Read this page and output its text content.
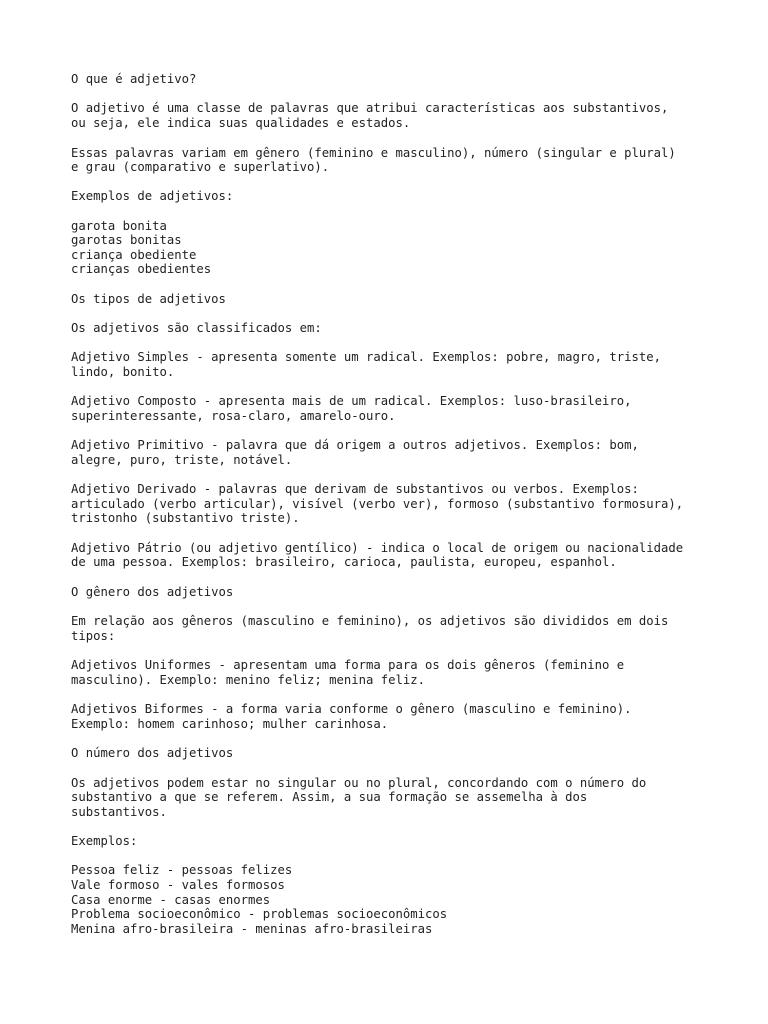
O que é adjetivo?

O adjetivo é uma classe de palavras que atribui características aos substantivos,

ou seja, ele indica suas qualidades e estados.

Essas palavras variam em gênero (feminino e masculino), número (singular e plural)

e grau (comparativo e superlativo).

Exemplos de adjetivos:

garota bonita

garotas bonitas

criança obediente

crianças obedientes

Os tipos de adjetivos

Os adjetivos são classificados em:

Adjetivo Simples - apresenta somente um radical. Exemplos: pobre, magro, triste,

lindo, bonito.

Adjetivo Composto - apresenta mais de um radical. Exemplos: luso-brasileiro,

superinteressante, rosa-claro, amarelo-ouro.

Adjetivo Primitivo - palavra que dá origem a outros adjetivos. Exemplos: bom,

alegre, puro, triste, notável.

Adjetivo Derivado - palavras que derivam de substantivos ou verbos. Exemplos:

articulado (verbo articular), visível (verbo ver), formoso (substantivo formosura),

tristonho (substantivo triste).

Adjetivo Pátrio (ou adjetivo gentílico) - indica o local de origem ou nacionalidade

de uma pessoa. Exemplos: brasileiro, carioca, paulista, europeu, espanhol.

O gênero dos adjetivos

Em relação aos gêneros (masculino e feminino), os adjetivos são divididos em dois

tipos:

Adjetivos Uniformes - apresentam uma forma para os dois gêneros (feminino e

masculino). Exemplo: menino feliz; menina feliz.

Adjetivos Biformes - a forma varia conforme o gênero (masculino e feminino).

Exemplo: homem carinhoso; mulher carinhosa.

O número dos adjetivos

Os adjetivos podem estar no singular ou no plural, concordando com o número do

substantivo a que se referem. Assim, a sua formação se assemelha à dos

substantivos.

Exemplos:

Pessoa feliz - pessoas felizes

Vale formoso - vales formosos

Casa enorme - casas enormes

Problema socioeconômico - problemas socioeconômicos

Menina afro-brasileira - meninas afro-brasileiras
